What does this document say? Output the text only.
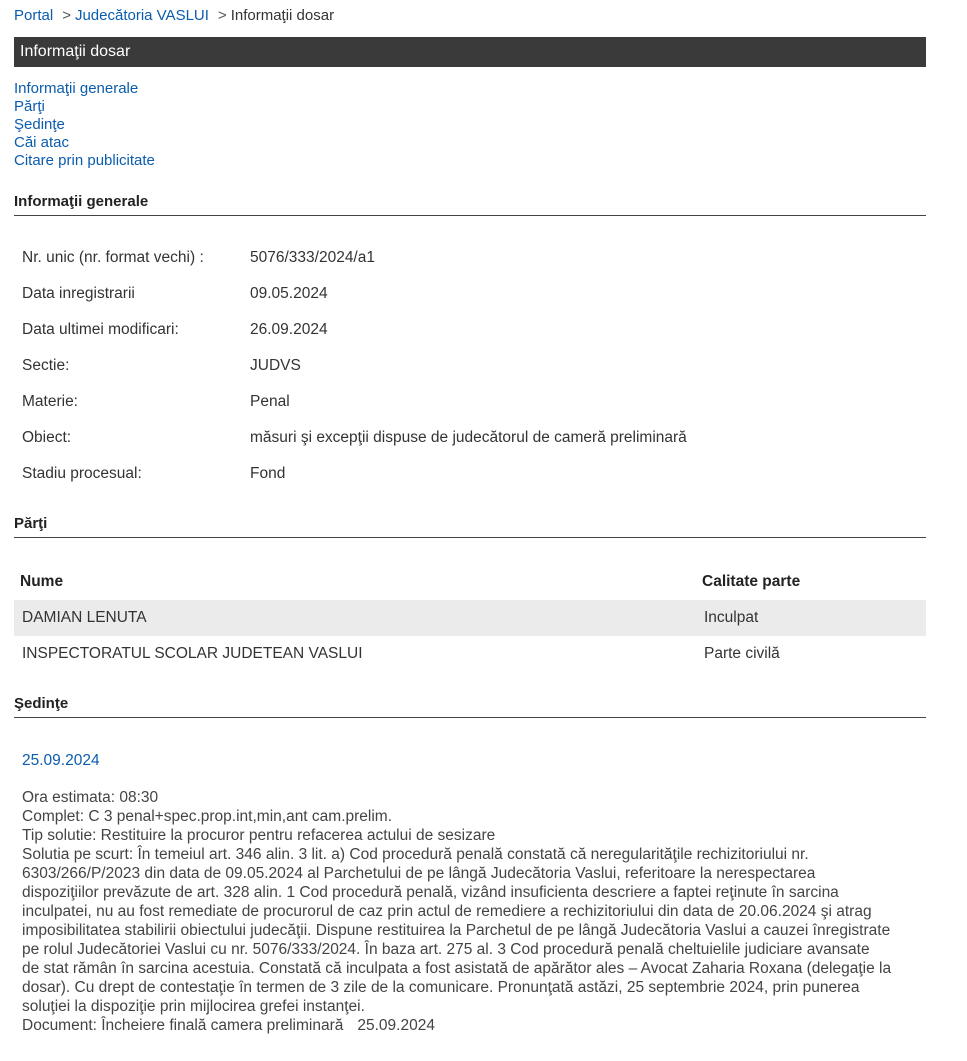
Portal > Judecătoria VASLUI > Informaţii dosar
Informaţii dosar
Informaţii generale
Părţi
Şedinţe
Căi atac
Citare prin publicitate
Informaţii generale
Nr. unic (nr. format vechi) :	5076/333/2024/a1
Data inregistrarii	09.05.2024
Data ultimei modificari:	26.09.2024
Sectie:	JUDVS
Materie:	Penal
Obiect:	măsuri şi excepţii dispuse de judecătorul de cameră preliminară
Stadiu procesual:	Fond
Părţi
Nume	Calitate parte
DAMIAN LENUTA	Inculpat
INSPECTORATUL SCOLAR JUDETEAN VASLUI	Parte civilă
Şedinţe
25.09.2024
Ora estimata: 08:30
Complet: C 3 penal+spec.prop.int,min,ant cam.prelim.
Tip solutie: Restituire la procuror pentru refacerea actului de sesizare
Solutia pe scurt: În temeiul art. 346 alin. 3 lit. a) Cod procedură penală constată că neregularităţile rechizitoriului nr.
6303/266/P/2023 din data de 09.05.2024 al Parchetului de pe lângă Judecătoria Vaslui, referitoare la nerespectarea
dispoziţiilor prevăzute de art. 328 alin. 1 Cod procedură penală, vizând insuficienta descriere a faptei reţinute în sarcina
inculpatei, nu au fost remediate de procurorul de caz prin actul de remediere a rechizitoriului din data de 20.06.2024 şi atrag
imposibilitatea stabilirii obiectului judecăţii. Dispune restituirea la Parchetul de pe lângă Judecătoria Vaslui a cauzei înregistrate
pe rolul Judecătoriei Vaslui cu nr. 5076/333/2024. În baza art. 275 al. 3 Cod procedură penală cheltuielile judiciare avansate
de stat rămân în sarcina acestuia. Constată că inculpata a fost asistată de apărător ales – Avocat Zaharia Roxana (delegaţie la
dosar). Cu drept de contestaţie în termen de 3 zile de la comunicare. Pronunţată astăzi, 25 septembrie 2024, prin punerea
soluţiei la dispoziţie prin mijlocirea grefei instanţei.
Document: Încheiere finală camera preliminară 25.09.2024
